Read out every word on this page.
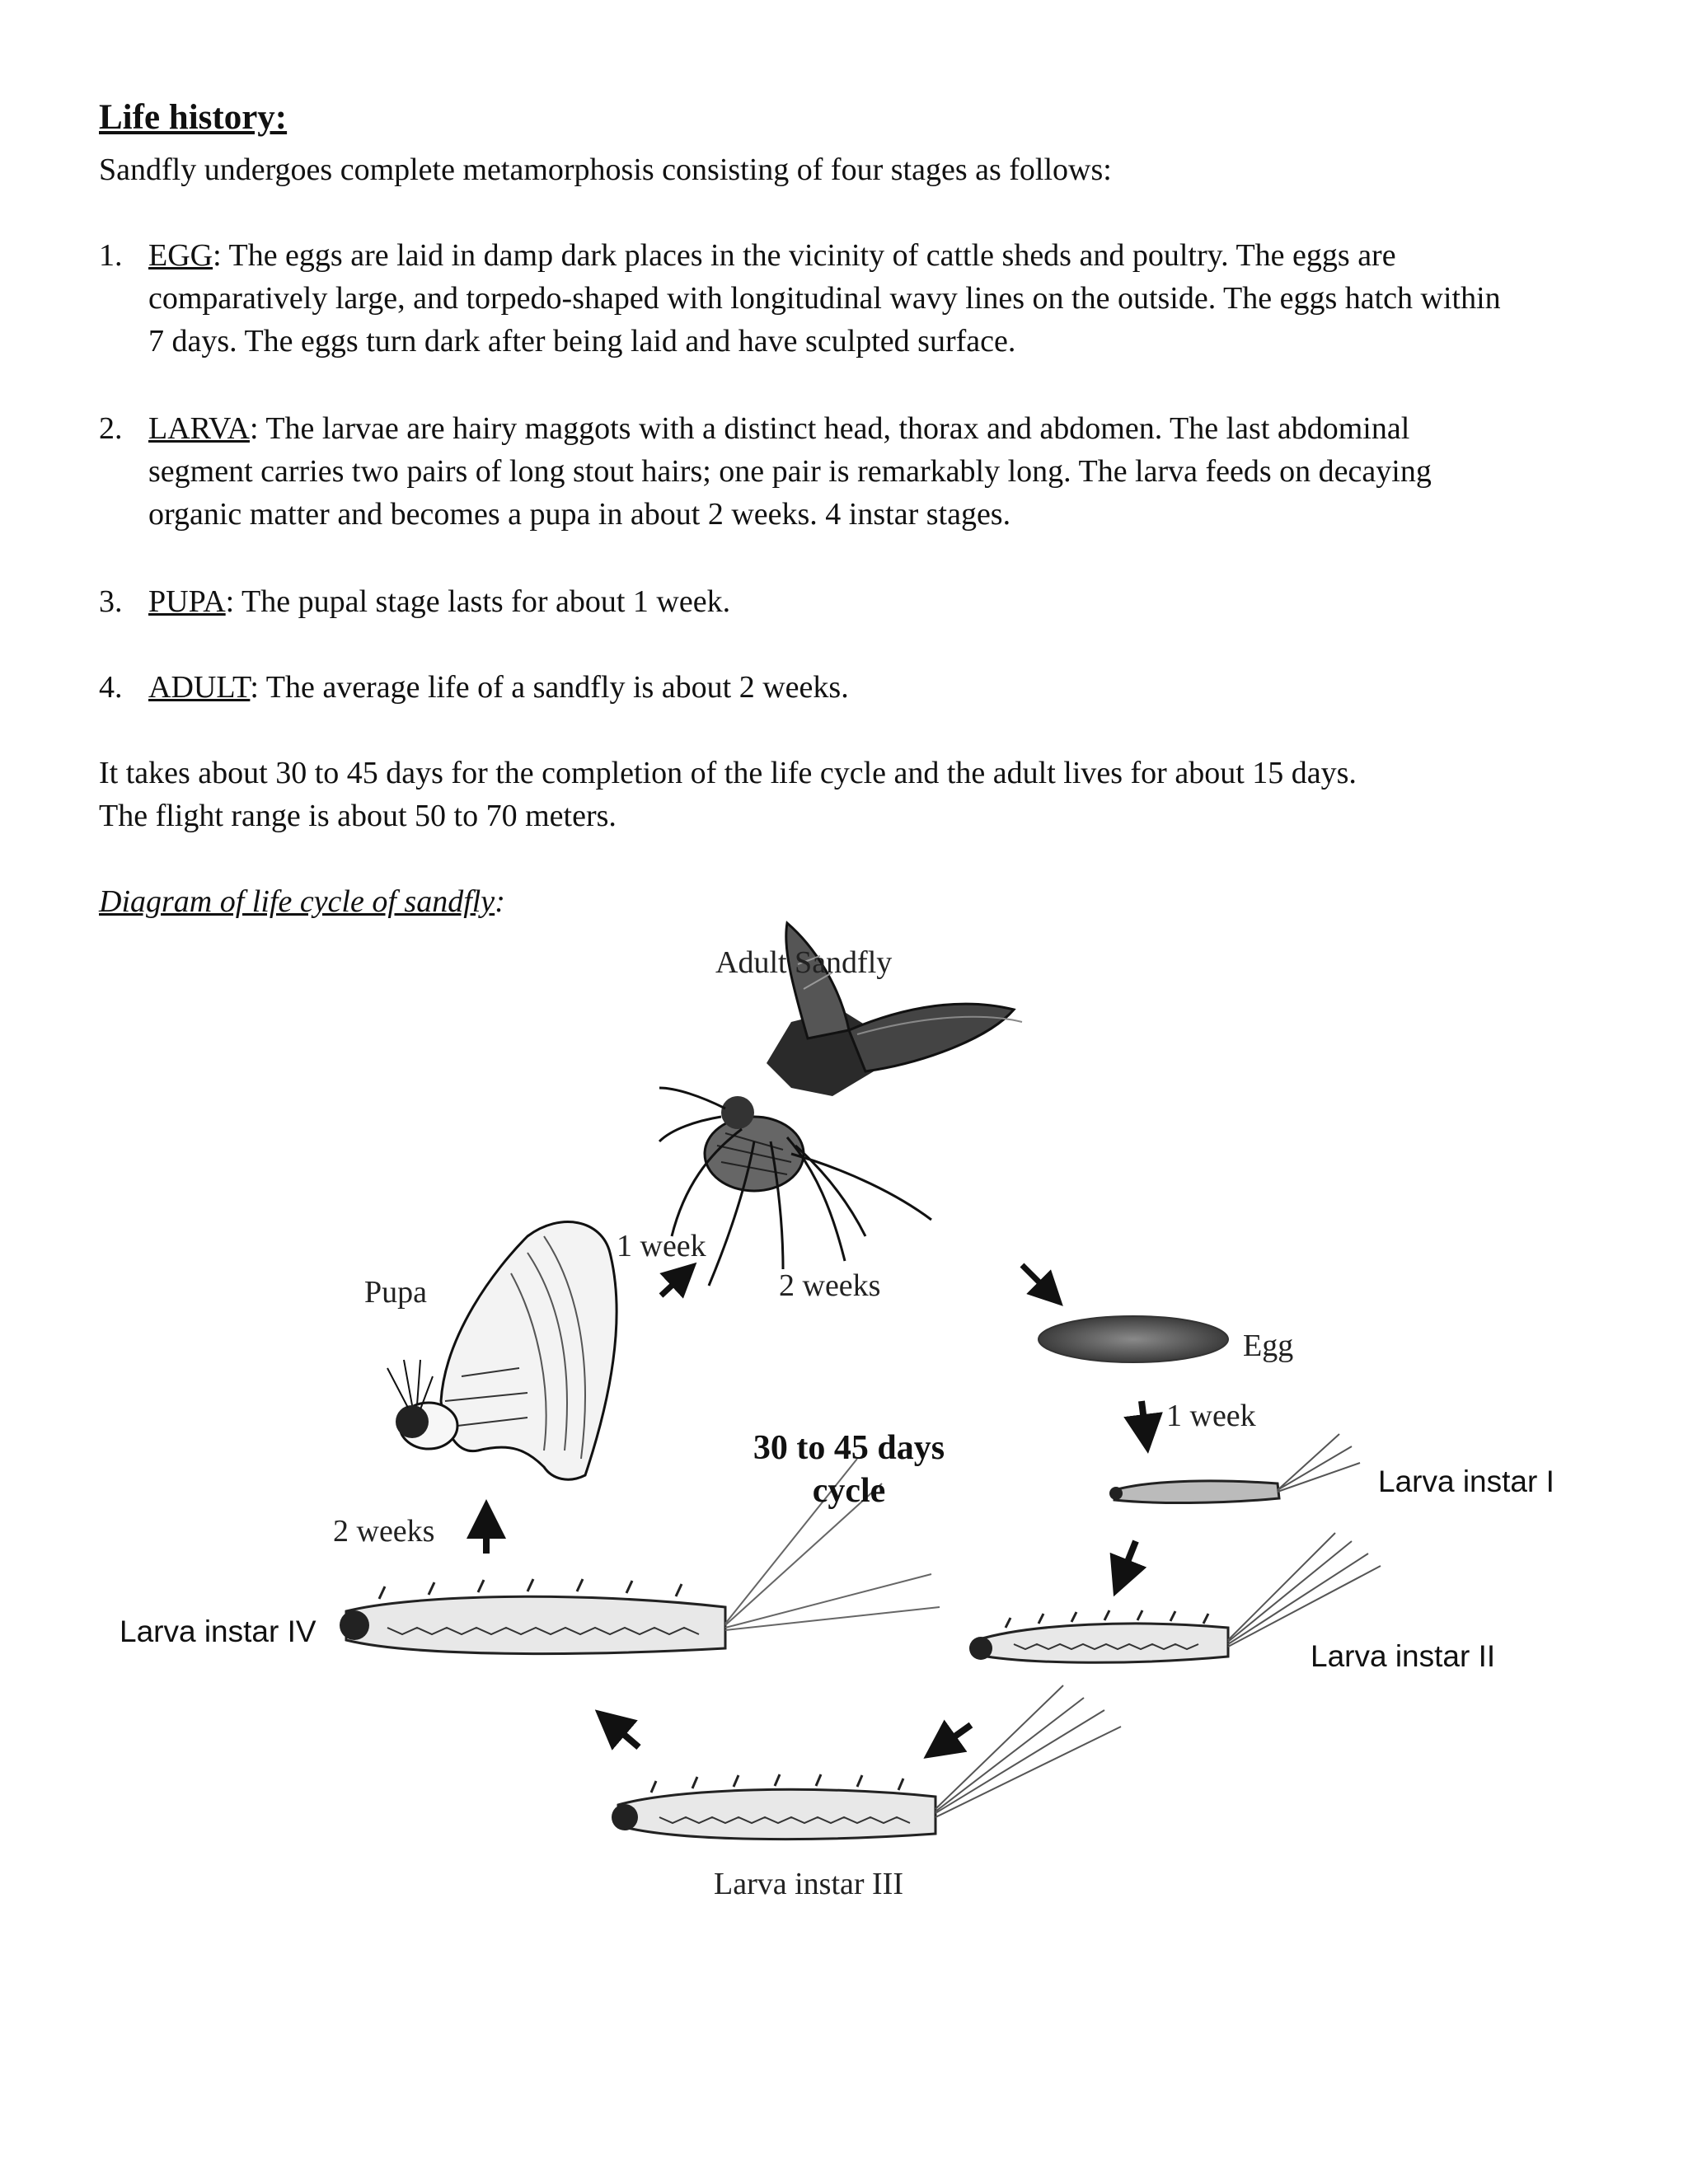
Life history:
Sandfly undergoes complete metamorphosis consisting of four stages as follows:
1. EGG: The eggs are laid in damp dark places in the vicinity of cattle sheds and poultry. The eggs are
comparatively large, and torpedo-shaped with longitudinal wavy lines on the outside. The eggs hatch within
7 days. The eggs turn dark after being laid and have sculpted surface.
2. LARVA: The larvae are hairy maggots with a distinct head, thorax and abdomen. The last abdominal
segment carries two pairs of long stout hairs; one pair is remarkably long. The larva feeds on decaying
organic matter and becomes a pupa in about 2 weeks. 4 instar stages.
3. PUPA: The pupal stage lasts for about 1 week.
4. ADULT: The average life of a sandfly is about 2 weeks.
It takes about 30 to 45 days for the completion of the life cycle and the adult lives for about 15 days.
The flight range is about 50 to 70 meters.
Diagram of life cycle of sandfly:
Adult Sandfly
Pupa
Egg
Larva instar I
Larva instar II
Larva instar III
Larva instar IV
1 week
2 weeks
1 week
2 weeks
30 to 45 days
cycle
